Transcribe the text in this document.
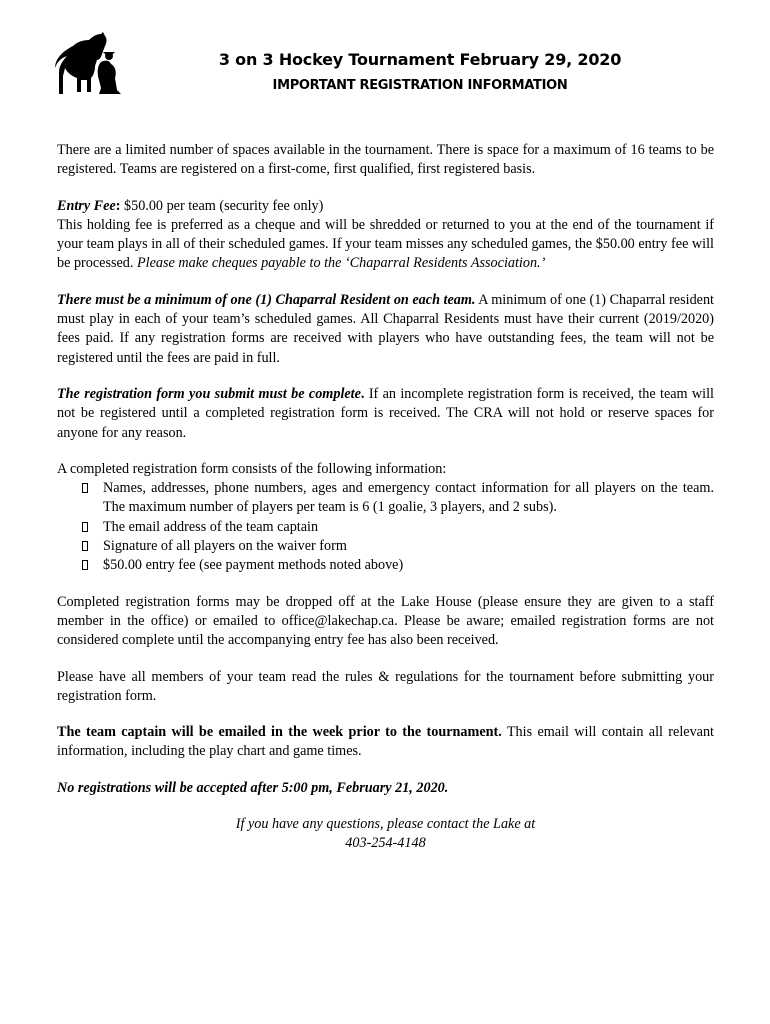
3 on 3 Hockey Tournament February 29, 2020
IMPORTANT REGISTRATION INFORMATION

There are a limited number of spaces available in the tournament. There is space for a maximum of 16 teams to be registered. Teams are registered on a first-come, first qualified, first registered basis.

Entry Fee: $50.00 per team (security fee only)

This holding fee is preferred as a cheque and will be shredded or returned to you at the end of the tournament if your team plays in all of their scheduled games. If your team misses any scheduled games, the $50.00 entry fee will be processed. Please make cheques payable to the ‘Chaparral Residents Association.’

There must be a minimum of one (1) Chaparral Resident on each team. A minimum of one (1) Chaparral resident must play in each of your team’s scheduled games. All Chaparral Residents must have their current (2019/2020) fees paid. If any registration forms are received with players who have outstanding fees, the team will not be registered until the fees are paid in full.

The registration form you submit must be complete. If an incomplete registration form is received, the team will not be registered until a completed registration form is received. The CRA will not hold or reserve spaces for anyone for any reason.

A completed registration form consists of the following information:

Names, addresses, phone numbers, ages and emergency contact information for all players on the team. The maximum number of players per team is 6 (1 goalie, 3 players, and 2 subs).
The email address of the team captain
Signature of all players on the waiver form
$50.00 entry fee (see payment methods noted above)

Completed registration forms may be dropped off at the Lake House (please ensure they are given to a staff member in the office) or emailed to office@lakechap.ca. Please be aware; emailed registration forms are not considered complete until the accompanying entry fee has also been received.

Please have all members of your team read the rules & regulations for the tournament before submitting your registration form.

The team captain will be emailed in the week prior to the tournament. This email will contain all relevant information, including the play chart and game times.

No registrations will be accepted after 5:00 pm, February 21, 2020.

If you have any questions, please contact the Lake at

403-254-4148
